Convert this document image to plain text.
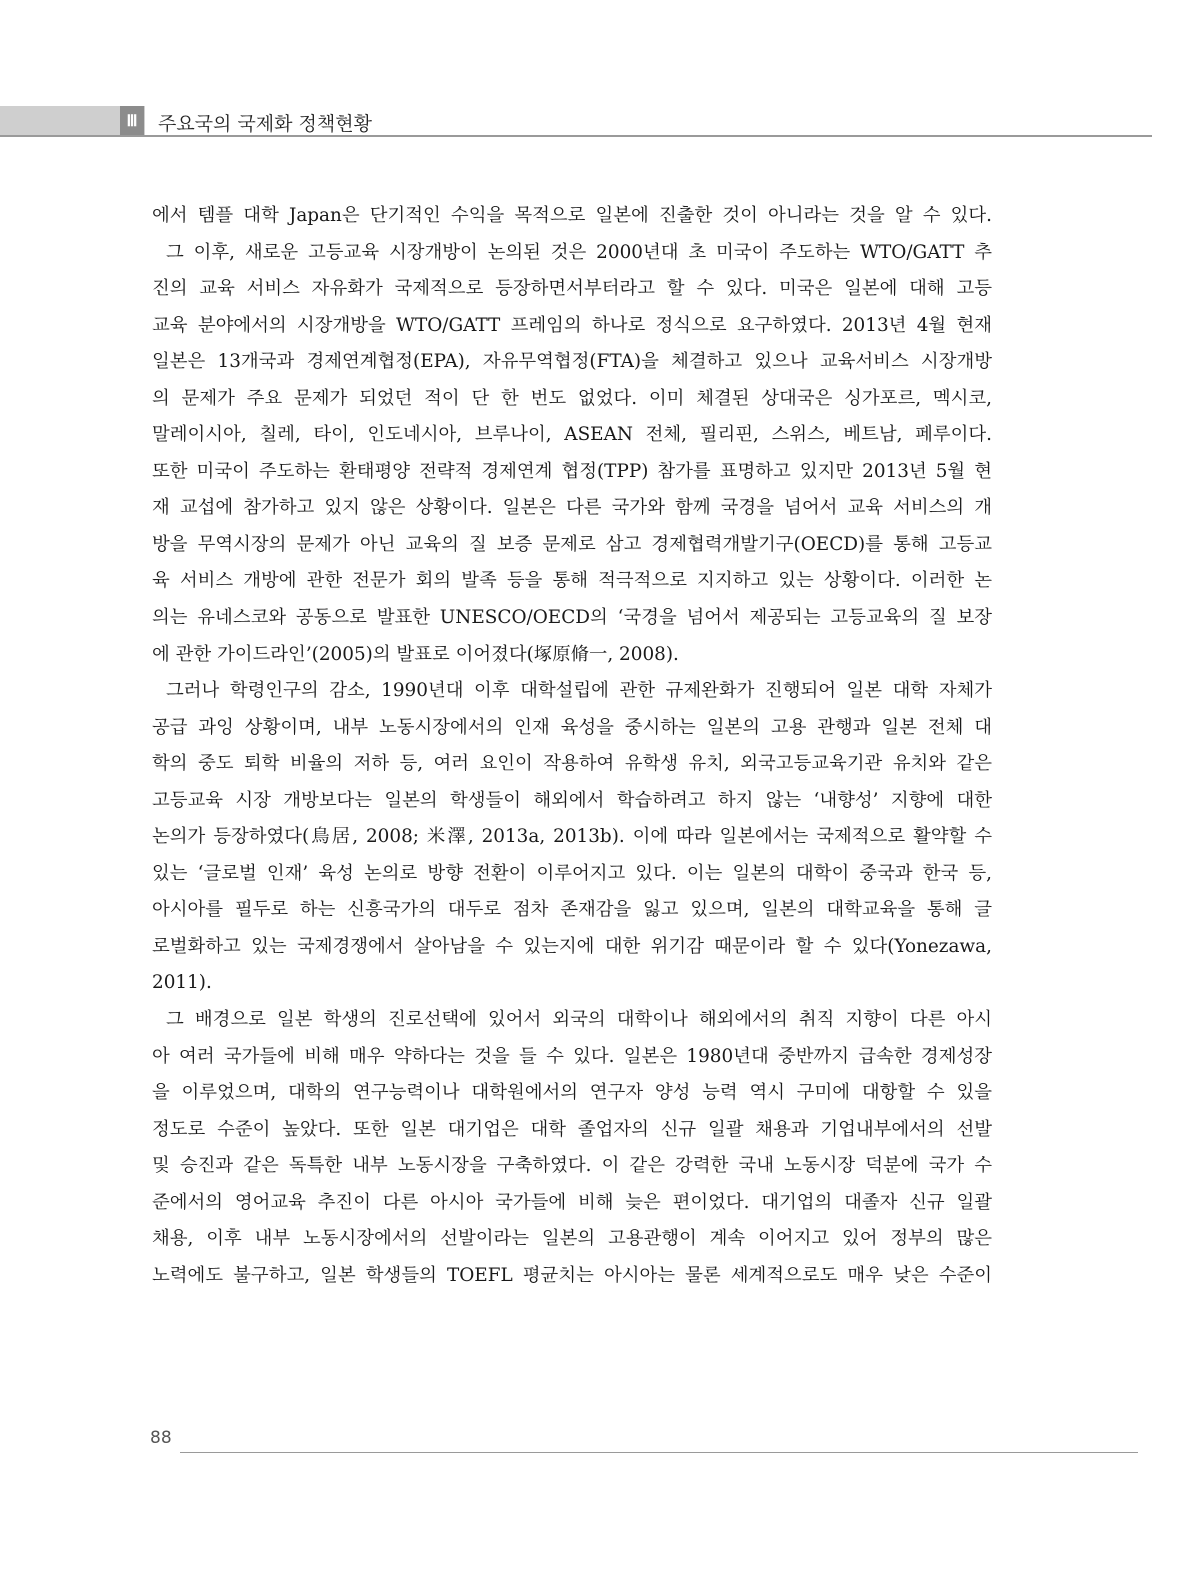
Ⅲ	주요국의 국제화 정책현황
에서 템플 대학 Japan은 단기적인 수익을 목적으로 일본에 진출한 것이 아니라는 것을 알 수 있다.
그 이후, 새로운 고등교육 시장개방이 논의된 것은 2000년대 초 미국이 주도하는 WTO/GATT 추
진의 교육 서비스 자유화가 국제적으로 등장하면서부터라고 할 수 있다. 미국은 일본에 대해 고등
교육 분야에서의 시장개방을 WTO/GATT 프레임의 하나로 정식으로 요구하였다. 2013년 4월 현재
일본은 13개국과 경제연계협정(EPA), 자유무역협정(FTA)을 체결하고 있으나 교육서비스 시장개방
의 문제가 주요 문제가 되었던 적이 단 한 번도 없었다. 이미 체결된 상대국은 싱가포르, 멕시코,
말레이시아, 칠레, 타이, 인도네시아, 브루나이, ASEAN 전체, 필리핀, 스위스, 베트남, 페루이다.
또한 미국이 주도하는 환태평양 전략적 경제연계 협정(TPP) 참가를 표명하고 있지만 2013년 5월 현
재 교섭에 참가하고 있지 않은 상황이다. 일본은 다른 국가와 함께 국경을 넘어서 교육 서비스의 개
방을 무역시장의 문제가 아닌 교육의 질 보증 문제로 삼고 경제협력개발기구(OECD)를 통해 고등교
육 서비스 개방에 관한 전문가 회의 발족 등을 통해 적극적으로 지지하고 있는 상황이다. 이러한 논
의는 유네스코와 공동으로 발표한 UNESCO/OECD의 ‘국경을 넘어서 제공되는 고등교육의 질 보장
에 관한 가이드라인’(2005)의 발표로 이어졌다(塚原脩一, 2008).
그러나 학령인구의 감소, 1990년대 이후 대학설립에 관한 규제완화가 진행되어 일본 대학 자체가
공급 과잉 상황이며, 내부 노동시장에서의 인재 육성을 중시하는 일본의 고용 관행과 일본 전체 대
학의 중도 퇴학 비율의 저하 등, 여러 요인이 작용하여 유학생 유치, 외국고등교육기관 유치와 같은
고등교육 시장 개방보다는 일본의 학생들이 해외에서 학습하려고 하지 않는 ‘내향성’ 지향에 대한
논의가 등장하였다(鳥居, 2008; 米澤, 2013a, 2013b). 이에 따라 일본에서는 국제적으로 활약할 수
있는 ‘글로벌 인재’ 육성 논의로 방향 전환이 이루어지고 있다. 이는 일본의 대학이 중국과 한국 등,
아시아를 필두로 하는 신흥국가의 대두로 점차 존재감을 잃고 있으며, 일본의 대학교육을 통해 글
로벌화하고 있는 국제경쟁에서 살아남을 수 있는지에 대한 위기감 때문이라 할 수 있다(Yonezawa,
2011).
그 배경으로 일본 학생의 진로선택에 있어서 외국의 대학이나 해외에서의 취직 지향이 다른 아시
아 여러 국가들에 비해 매우 약하다는 것을 들 수 있다. 일본은 1980년대 중반까지 급속한 경제성장
을 이루었으며, 대학의 연구능력이나 대학원에서의 연구자 양성 능력 역시 구미에 대항할 수 있을
정도로 수준이 높았다. 또한 일본 대기업은 대학 졸업자의 신규 일괄 채용과 기업내부에서의 선발
및 승진과 같은 독특한 내부 노동시장을 구축하였다. 이 같은 강력한 국내 노동시장 덕분에 국가 수
준에서의 영어교육 추진이 다른 아시아 국가들에 비해 늦은 편이었다. 대기업의 대졸자 신규 일괄
채용, 이후 내부 노동시장에서의 선발이라는 일본의 고용관행이 계속 이어지고 있어 정부의 많은
노력에도 불구하고, 일본 학생들의 TOEFL 평균치는 아시아는 물론 세계적으로도 매우 낮은 수준이
88
